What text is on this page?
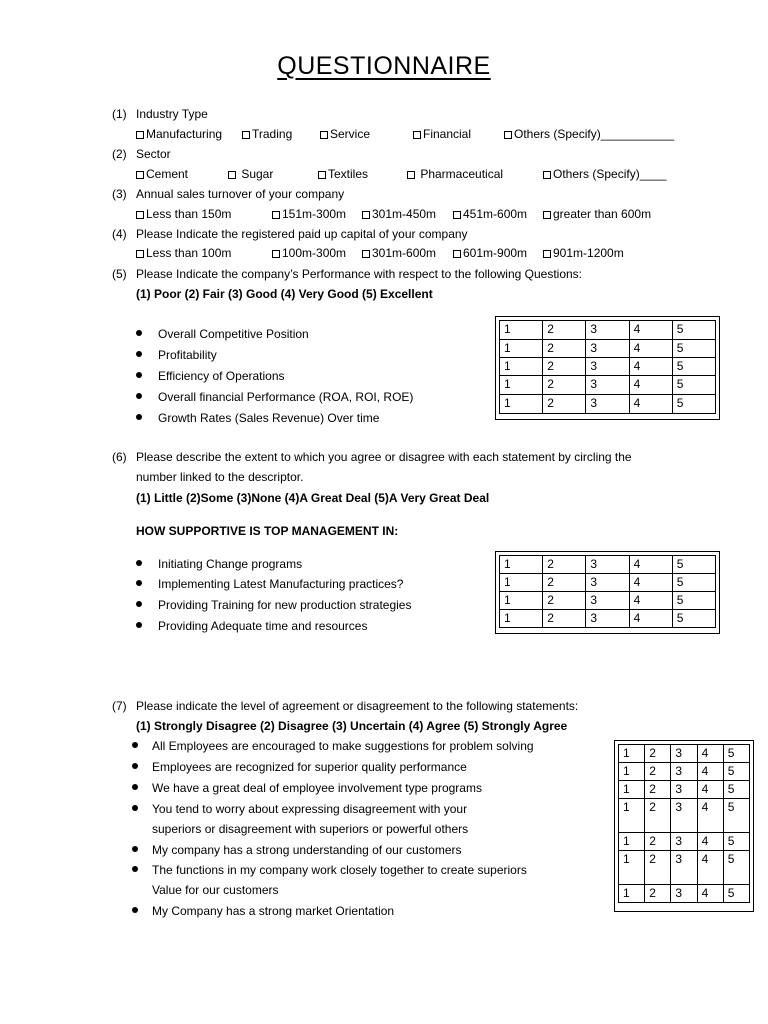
QUESTIONNAIRE
(1) Industry Type
Manufacturing	Trading	Service	Financial	Others (Specify)___________
(2) Sector
Cement	Sugar	Textiles	Pharmaceutical	Others (Specify)____
(3) Annual sales turnover of your company
Less than 150m	151m-300m	301m-450m	451m-600m	greater than 600m
(4) Please Indicate the registered paid up capital of your company
Less than 100m	100m-300m	301m-600m	601m-900m	901m-1200m
(5) Please Indicate the company’s Performance with respect to the following Questions:
(1) Poor (2) Fair (3) Good (4) Very Good (5) Excellent
Overall Competitive Position
Profitability
Efficiency of Operations
Overall financial Performance (ROA, ROI, ROE)
Growth Rates (Sales Revenue) Over time
1	2	3	4	5
1	2	3	4	5
1	2	3	4	5
1	2	3	4	5
1	2	3	4	5
(6) Please describe the extent to which you agree or disagree with each statement by circling the
number linked to the descriptor.
(1) Little (2)Some (3)None (4)A Great Deal (5)A Very Great Deal
HOW SUPPORTIVE IS TOP MANAGEMENT IN:
Initiating Change programs
Implementing Latest Manufacturing practices?
Providing Training for new production strategies
Providing Adequate time and resources
1	2	3	4	5
1	2	3	4	5
1	2	3	4	5
1	2	3	4	5
(7) Please indicate the level of agreement or disagreement to the following statements:
(1) Strongly Disagree (2) Disagree (3) Uncertain (4) Agree (5) Strongly Agree
All Employees are encouraged to make suggestions for problem solving
Employees are recognized for superior quality performance
We have a great deal of employee involvement type programs
You tend to worry about expressing disagreement with your
superiors or disagreement with superiors or powerful others
My company has a strong understanding of our customers
The functions in my company work closely together to create superiors
Value for our customers
My Company has a strong market Orientation
1	2	3	4	5
1	2	3	4	5
1	2	3	4	5
1	2	3	4	5
1	2	3	4	5
1	2	3	4	5
1	2	3	4	5
